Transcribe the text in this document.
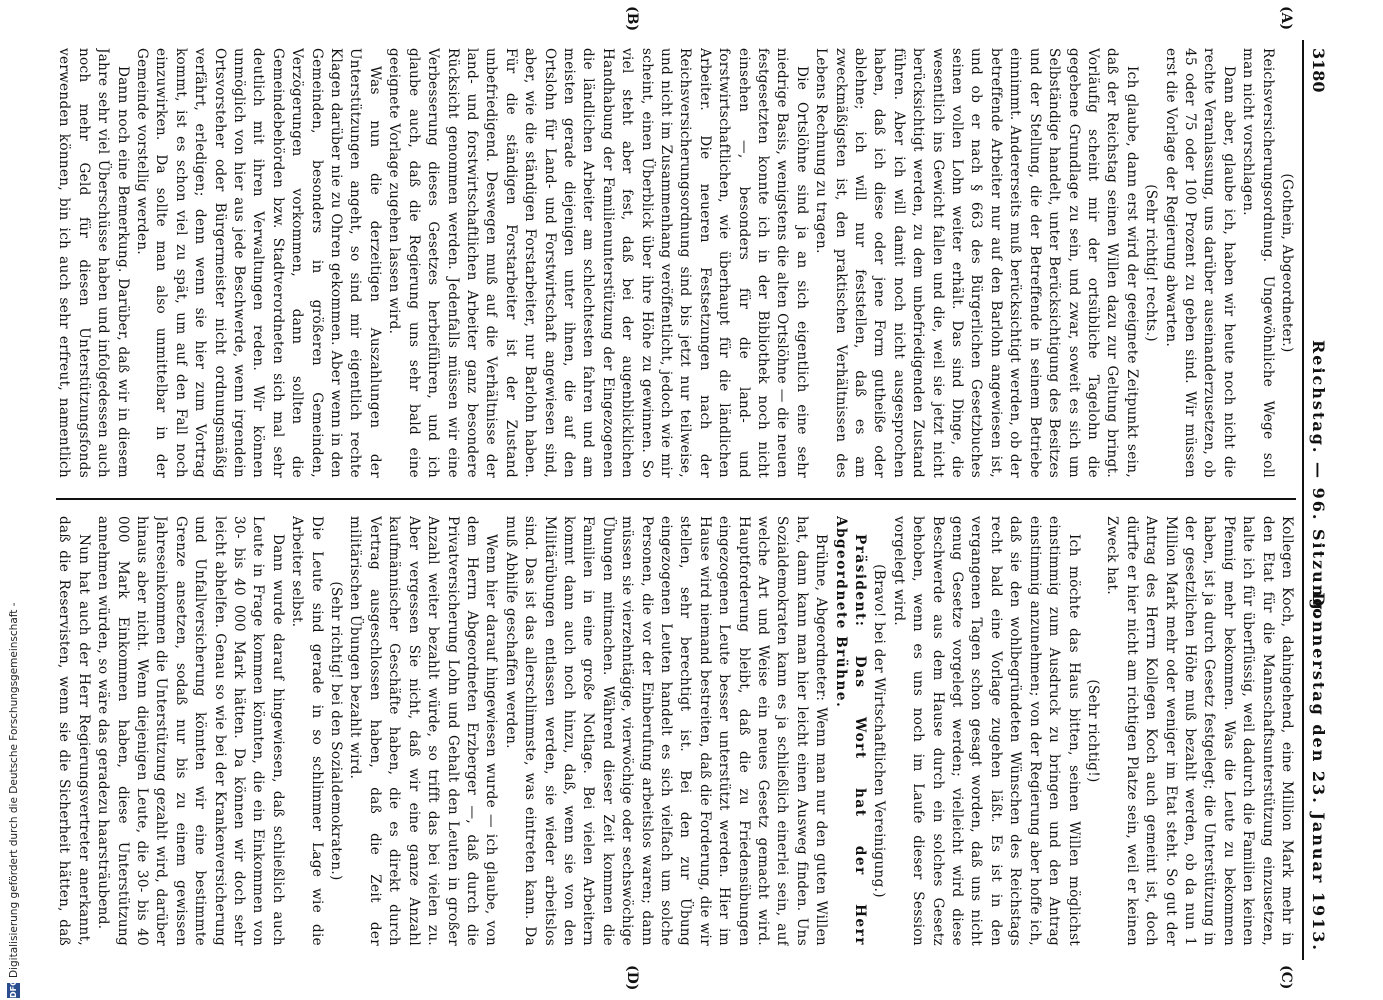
3180
Reichstag. — 96. Sitzung.
Donnerstag den 23. Januar 1913.
(A)
(B)
(C)
(D)

(Gothein, Abgeordneter.)

Reichsversicherungsordnung. Ungewöhnliche Wege soll man nicht vorschlagen.

Dann aber, glaube ich, haben wir heute noch nicht die rechte Veranlassung, uns darüber auseinanderzusetzen, ob 45 oder 75 oder 100 Prozent zu geben sind. Wir müssen erst die Vorlage der Regierung abwarten.

(Sehr richtig! rechts.)

Ich glaube, dann erst wird der geeignete Zeitpunkt sein, daß der Reichstag seinen Willen dazu zur Geltung bringt. Vorläufig scheint mir der ortsübliche Tagelohn die gegebene Grundlage zu sein, und zwar, soweit es sich um Selbständige handelt, unter Berücksichtigung des Besitzes und der Stellung, die der Betreffende in seinem Betriebe einnimmt. Andererseits muß berücksichtigt werden, ob der betreffende Arbeiter nur auf den Barlohn angewiesen ist, und ob er nach § 663 des Bürgerlichen Gesetzbuches seinen vollen Lohn weiter erhält. Das sind Dinge, die wesentlich ins Gewicht fallen und die, weil sie jetzt nicht berücksichtigt werden, zu dem unbefriedigenden Zustand führen. Aber ich will damit noch nicht ausgesprochen haben, daß ich diese oder jene Form gutheiße oder ablehne; ich will nur feststellen, daß es am zweckmäßigsten ist, den praktischen Verhältnissen des Lebens Rechnung zu tragen.

Die Ortslöhne sind ja an sich eigentlich eine sehr niedrige Basis, wenigstens die alten Ortslöhne — die neuen festgesetzten konnte ich in der Bibliothek noch nicht einsehen —, besonders für die land- und forstwirtschaftlichen, wie überhaupt für die ländlichen Arbeiter. Die neueren Festsetzungen nach der Reichsversicherungsordnung sind bis jetzt nur teilweise, und nicht im Zusammenhang veröffentlicht, jedoch wie mir scheint, einen Überblick über ihre Höhe zu gewinnen. So viel steht aber fest, daß bei der augenblicklichen Handhabung der Familienunterstützung der Eingezogenen die ländlichen Arbeiter am schlechtesten fahren und am meisten gerade diejenigen unter ihnen, die auf den Ortslohn für Land- und Forstwirtschaft angewiesen sind, aber, wie die ständigen Forstarbeiter, nur Barlohn haben. Für die ständigen Forstarbeiter ist der Zustand unbefriedigend. Deswegen muß auf die Verhältnisse der land- und forstwirtschaftlichen Arbeiter ganz besondere Rücksicht genommen werden. Jedenfalls müssen wir eine Verbesserung dieses Gesetzes herbeiführen, und ich glaube auch, daß die Regierung uns sehr bald eine geeignete Vorlage zugehen lassen wird.

Was nun die derzeitigen Auszahlungen der Unterstützungen angeht, so sind mir eigentlich rechte Klagen darüber nie zu Ohren gekommen. Aber wenn in den Gemeinden, besonders in größeren Gemeinden, Verzögerungen vorkommen, dann sollten die Gemeindebehörden bzw. Stadtverordneten sich mal sehr deutlich mit ihren Verwaltungen reden. Wir können unmöglich von hier aus jede Beschwerde, wenn irgendein Ortsvorsteher oder Bürgermeister nicht ordnungsmäßig verfährt, erledigen; denn wenn sie hier zum Vortrag kommt, ist es schon viel zu spät, um auf den Fall noch einzuwirken. Da sollte man also unmittelbar in der Gemeinde vorstellig werden.

Dann noch eine Bemerkung. Darüber, daß wir in diesem Jahre sehr viel Überschüsse haben und infolgedessen auch noch mehr Geld für diesen Unterstützungsfonds verwenden können, bin ich auch sehr erfreut, namentlich

Kollegen Koch, dahingehend, eine Million Mark mehr in den Etat für die Mannschaftsunterstützung einzusetzen, halte ich für überflüssig, weil dadurch die Familien keinen Pfennig mehr bekommen. Was die Leute zu bekommen haben, ist ja durch Gesetz festgelegt; die Unterstützung in der gesetzlichen Höhe muß bezahlt werden, ob da nun 1 Million Mark mehr oder weniger im Etat steht. So gut der Antrag des Herrn Kollegen Koch auch gemeint ist, doch dürfte er hier nicht am richtigen Platze sein, weil er keinen Zweck hat.

(Sehr richtig!)

Ich möchte das Haus bitten, seinen Willen möglichst einstimmig zum Ausdruck zu bringen und den Antrag einstimmig anzunehmen; von der Regierung aber hoffe ich, daß sie den wohlbegründeten Wünschen des Reichstags recht bald eine Vorlage zugehen läßt. Es ist in den vergangenen Tagen schon gesagt worden, daß uns nicht genug Gesetze vorgelegt werden; vielleicht wird diese Beschwerde aus dem Hause durch ein solches Gesetz behoben, wenn es uns noch im Laufe dieser Session vorgelegt wird.

(Bravo! bei der Wirtschaftlichen Vereinigung.)

Präsident: Das Wort hat der Herr Abgeordnete Brühne.

Brühne, Abgeordneter: Wenn man nur den guten Willen hat, dann kann man hier leicht einen Ausweg finden. Uns Sozialdemokraten kann es ja schließlich einerlei sein, auf welche Art und Weise ein neues Gesetz gemacht wird. Hauptforderung bleibt, daß die zu Friedensübungen eingezogenen Leute besser unterstützt werden. Hier im Hause wird niemand bestreiten, daß die Forderung, die wir stellen, sehr berechtigt ist. Bei den zur Übung eingezogenen Leuten handelt es sich vielfach um solche Personen, die vor der Einberufung arbeitslos waren; dann müssen sie vierzehntägige, vierwöchige oder sechswöchige Übungen mitmachen. Während dieser Zeit kommen die Familien in eine große Notlage. Bei vielen Arbeitern kommt dann auch noch hinzu, daß, wenn sie von den Militärübungen entlassen werden, sie wieder arbeitslos sind. Das ist das allerschlimmste, was eintreten kann. Da muß Abhilfe geschaffen werden.

Wenn hier darauf hingewiesen wurde — ich glaube, von dem Herrn Abgeordneten Erzberger —, daß durch die Privatversicherung Lohn und Gehalt den Leuten in großer Anzahl weiter bezahlt würde, so trifft das bei vielen zu. Aber vergessen Sie nicht, daß wir eine ganze Anzahl kaufmännischer Geschäfte haben, die es direkt durch Vertrag ausgeschlossen haben, daß die Zeit der militärischen Übungen bezahlt wird.

(Sehr richtig! bei den Sozialdemokraten.)

Die Leute sind gerade in so schlimmer Lage wie die Arbeiter selbst.

Dann wurde darauf hingewiesen, daß schließlich auch Leute in Frage kommen könnten, die ein Einkommen von 30- bis 40 000 Mark hätten. Da können wir doch sehr leicht abhelfen. Genau so wie bei der Krankenversicherung und Unfallversicherung könnten wir eine bestimmte Grenze ansetzen, sodaß nur bis zu einem gewissen Jahreseinkommen die Unterstützung gezahlt wird, darüber hinaus aber nicht. Wenn diejenigen Leute, die 30- bis 40 000 Mark Einkommen haben, diese Unterstützung annehmen würden, so wäre das geradezu haarsträubend.

Nun hat auch der Herr Regierungsvertreter anerkannt, daß die Reservisten, wenn sie die Sicherheit hätten, daß

DFG
Digitalisierung gefördert durch die Deutsche Forschungsgemeinschaft -
